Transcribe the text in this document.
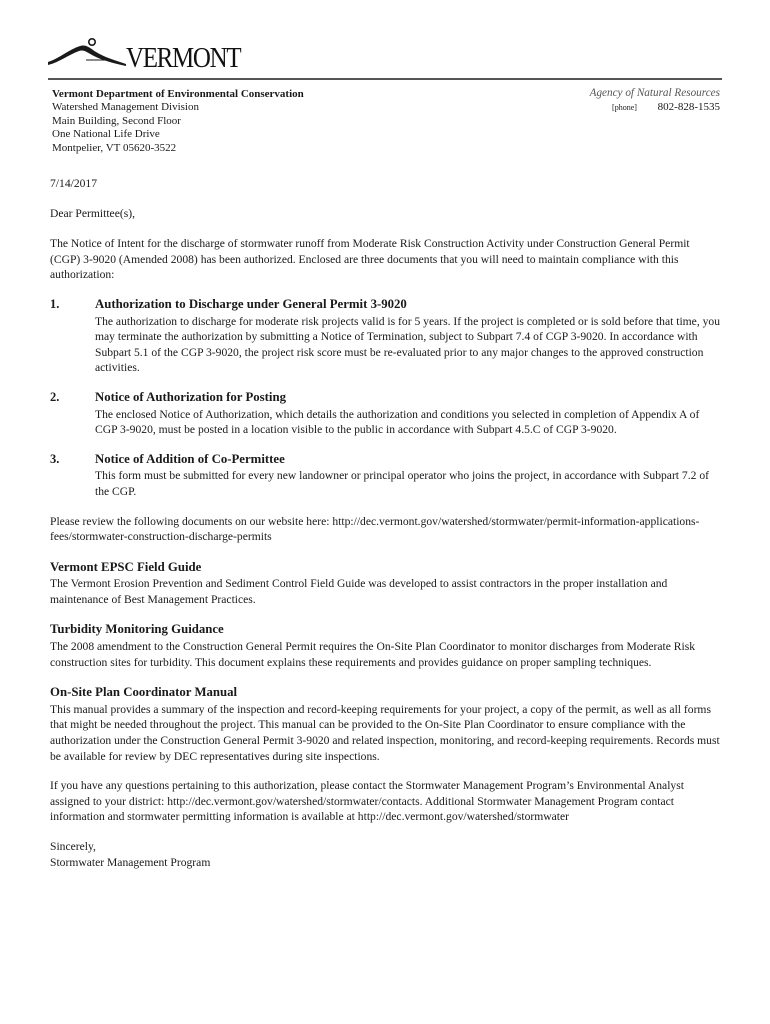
VERMONT
Vermont Department of Environmental Conservation
Watershed Management Division
Main Building, Second Floor
One National Life Drive
Montpelier, VT 05620-3522
Agency of Natural Resources
[phone] 802-828-1535

7/14/2017

Dear Permittee(s),

The Notice of Intent for the discharge of stormwater runoff from Moderate Risk Construction Activity under Construction General Permit (CGP) 3-9020 (Amended 2008) has been authorized. Enclosed are three documents that you will need to maintain compliance with this authorization:

1.	Authorization to Discharge under General Permit 3-9020

The authorization to discharge for moderate risk projects valid is for 5 years. If the project is completed or is sold before that time, you may terminate the authorization by submitting a Notice of Termination, subject to Subpart 7.4 of CGP 3-9020. In accordance with Subpart 5.1 of the CGP 3-9020, the project risk score must be re-evaluated prior to any major changes to the approved construction activities.

2.	Notice of Authorization for Posting

The enclosed Notice of Authorization, which details the authorization and conditions you selected in completion of Appendix A of CGP 3-9020, must be posted in a location visible to the public in accordance with Subpart 4.5.C of CGP 3-9020.

3.	Notice of Addition of Co-Permittee

This form must be submitted for every new landowner or principal operator who joins the project, in accordance with Subpart 7.2 of the CGP.

Please review the following documents on our website here: http://dec.vermont.gov/watershed/stormwater/permit-information-applications-fees/stormwater-construction-discharge-permits

Vermont EPSC Field Guide

The Vermont Erosion Prevention and Sediment Control Field Guide was developed to assist contractors in the proper installation and maintenance of Best Management Practices.

Turbidity Monitoring Guidance

The 2008 amendment to the Construction General Permit requires the On-Site Plan Coordinator to monitor discharges from Moderate Risk construction sites for turbidity. This document explains these requirements and provides guidance on proper sampling techniques.

On-Site Plan Coordinator Manual

This manual provides a summary of the inspection and record-keeping requirements for your project, a copy of the permit, as well as all forms that might be needed throughout the project. This manual can be provided to the On-Site Plan Coordinator to ensure compliance with the authorization under the Construction General Permit 3-9020 and related inspection, monitoring, and record-keeping requirements. Records must be available for review by DEC representatives during site inspections.

If you have any questions pertaining to this authorization, please contact the Stormwater Management Program’s Environmental Analyst assigned to your district: http://dec.vermont.gov/watershed/stormwater/contacts. Additional Stormwater Management Program contact information and stormwater permitting information is available at http://dec.vermont.gov/watershed/stormwater

Sincerely,

Stormwater Management Program
